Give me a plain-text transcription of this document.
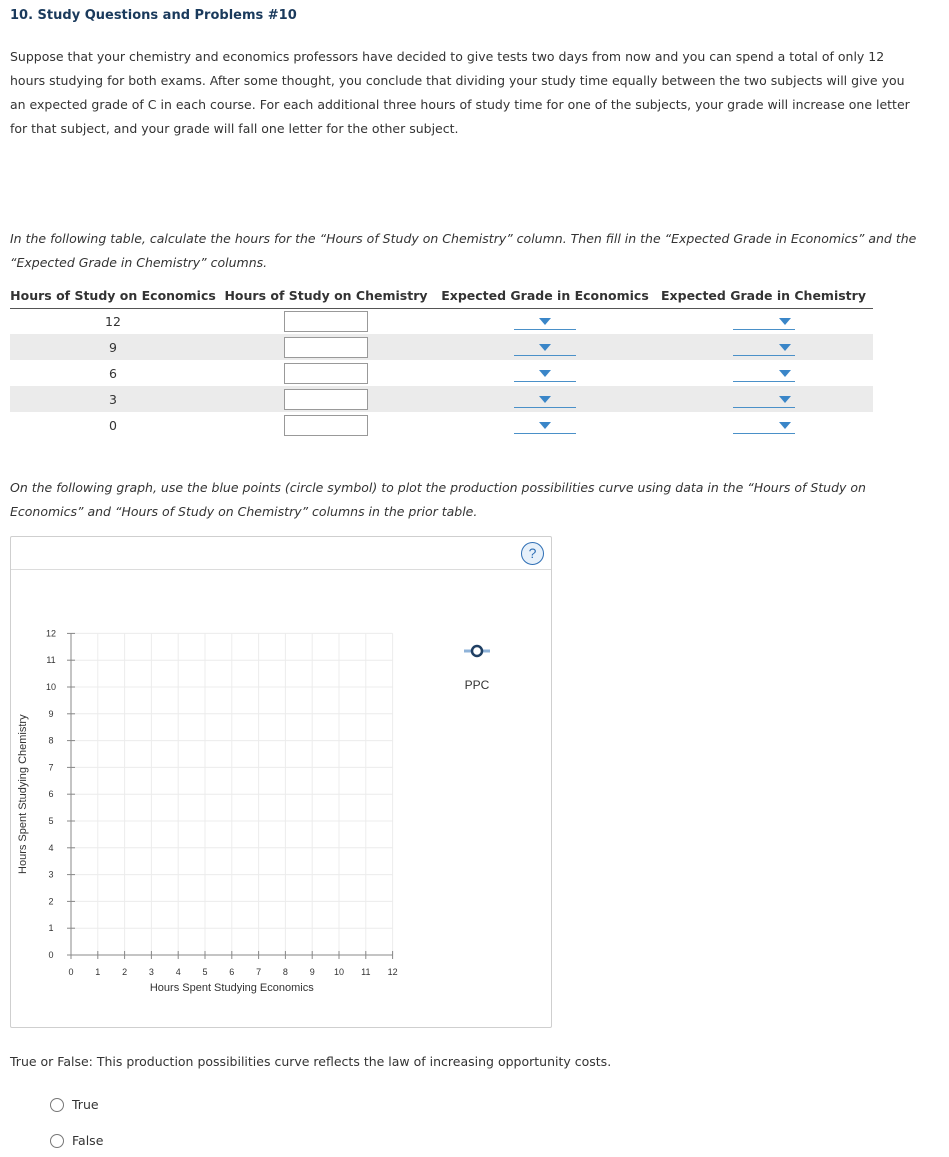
10. Study Questions and Problems #10
Suppose that your chemistry and economics professors have decided to give tests two days from now and you can spend a total of only 12 hours studying for both exams. After some thought, you conclude that dividing your study time equally between the two subjects will give you an expected grade of C in each course. For each additional three hours of study time for one of the subjects, your grade will increase one letter for that subject, and your grade will fall one letter for the other subject.
In the following table, calculate the hours for the “Hours of Study on Chemistry” column. Then fill in the “Expected Grade in Economics” and the “Expected Grade in Chemistry” columns.
Hours of Study on Economics	Hours of Study on Chemistry	Expected Grade in Economics	Expected Grade in Chemistry
12		

9		

6		

3		

0		

On the following graph, use the blue points (circle symbol) to plot the production possibilities curve using data in the “Hours of Study on Economics” and “Hours of Study on Chemistry” columns in the prior table.
?
0 1 2 3 4 5 6 7 8 9 10 11 12
0
1
2
3
4
5
6
7
8
9
10
11
12
Hours Spent Studying Economics
Hours Spent Studying Chemistry
PPC
True or False: This production possibilities curve reflects the law of increasing opportunity costs.
True
False
